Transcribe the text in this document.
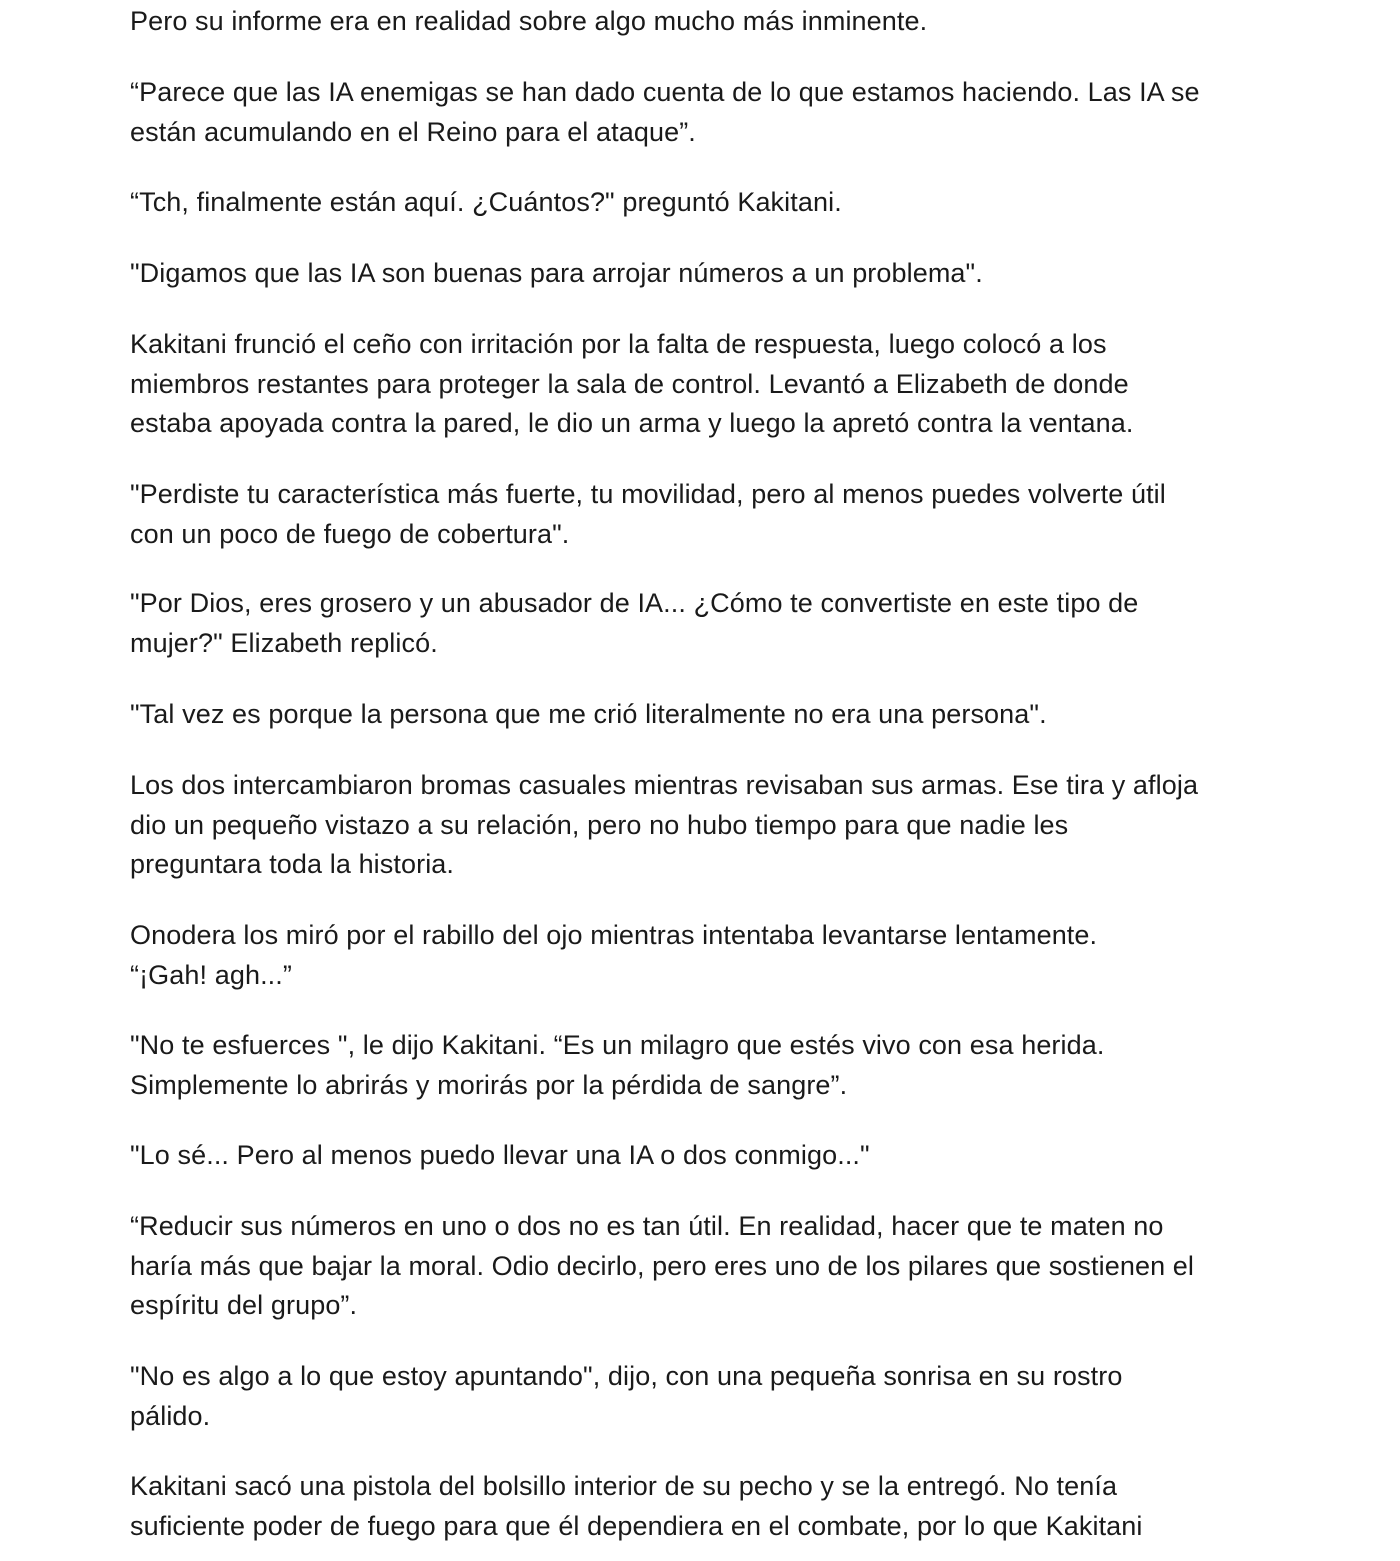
Pero su informe era en realidad sobre algo mucho más inminente.

“Parece que las IA enemigas se han dado cuenta de lo que estamos haciendo. Las IA se
están acumulando en el Reino para el ataque”.

“Tch, finalmente están aquí. ¿Cuántos?" preguntó Kakitani.

"Digamos que las IA son buenas para arrojar números a un problema".

Kakitani frunció el ceño con irritación por la falta de respuesta, luego colocó a los
miembros restantes para proteger la sala de control. Levantó a Elizabeth de donde
estaba apoyada contra la pared, le dio un arma y luego la apretó contra la ventana.

"Perdiste tu característica más fuerte, tu movilidad, pero al menos puedes volverte útil
con un poco de fuego de cobertura".

"Por Dios, eres grosero y un abusador de IA... ¿Cómo te convertiste en este tipo de
mujer?" Elizabeth replicó.

"Tal vez es porque la persona que me crió literalmente no era una persona".

Los dos intercambiaron bromas casuales mientras revisaban sus armas. Ese tira y afloja
dio un pequeño vistazo a su relación, pero no hubo tiempo para que nadie les
preguntara toda la historia.

Onodera los miró por el rabillo del ojo mientras intentaba levantarse lentamente.
“¡Gah! agh...”

"No te esfuerces ", le dijo Kakitani. “Es un milagro que estés vivo con esa herida.
Simplemente lo abrirás y morirás por la pérdida de sangre”.

"Lo sé... Pero al menos puedo llevar una IA o dos conmigo..."

“Reducir sus números en uno o dos no es tan útil. En realidad, hacer que te maten no
haría más que bajar la moral. Odio decirlo, pero eres uno de los pilares que sostienen el
espíritu del grupo”.

"No es algo a lo que estoy apuntando", dijo, con una pequeña sonrisa en su rostro
pálido.

Kakitani sacó una pistola del bolsillo interior de su pecho y se la entregó. No tenía
suficiente poder de fuego para que él dependiera en el combate, por lo que Kakitani
